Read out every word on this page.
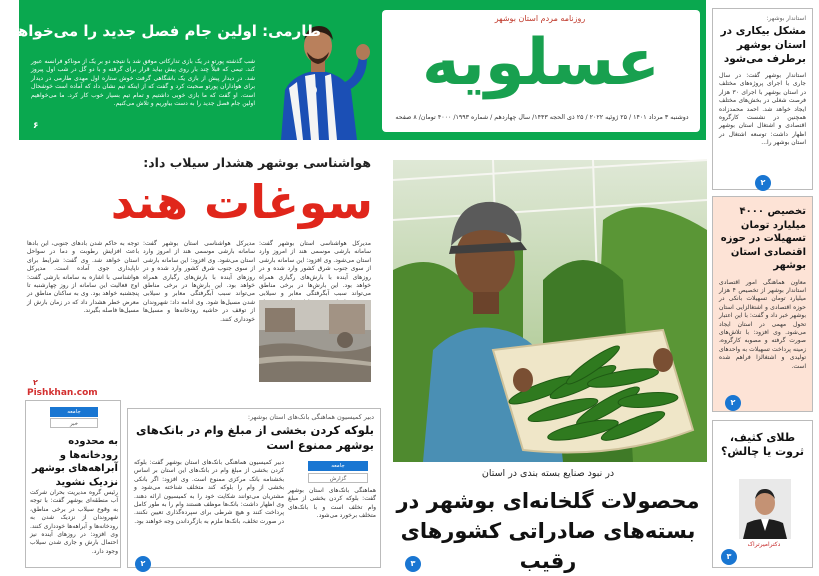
طارمی: اولین جام فصل جدید را می‌خواهیم
شب گذشته پورتو در یک بازی تدارکاتی موفق شد با نتیجه دو بر یک از موناکو فرانسه عبور کند. تیمی که قبلاً چند بار روی پیش بیاید قرار برای گرفته و با دو گل در شب اول پیروز شد. در دیدار پیش از بازی یک باشگاهی گرفت خوش ستاره اول مهدی طارمی در دیدار برای هواداران پورتو صحبت کرد و گفت که از اینکه تیم نشان داد که آماده است خوشحال است. او گفت که ما بازی خوبی داشتیم و تمام تیم بسیار خوب کار کرد. ما می‌خواهیم اولین جام فصل جدید را به دست بیاوریم و تلاش می‌کنیم.
۶
روزنامه مردم استان بوشهر
عسلویه
دوشنبه ۳ مرداد ۱۴۰۱ / ۲۵ ژوئیه ۲۰۲۲ / ۲۵ ذی الحجه ۱۴۴۳/ سال چهاردهم / شماره ۱۹۹۳/ ۴۰۰۰ تومان/ ۸ صفحه
استاندار بوشهر:
مشکل بیکاری در استان بوشهر برطرف می‌شود
استاندار بوشهر گفت: در سال جاری با اجرای پروژه‌های مختلف در استان بوشهر با اجرای ۳۰ هزار فرصت شغلی در بخش‌های مختلف ایجاد خواهد شد. احمد محمدزاده همچنین در نشست کارگروه اقتصادی و اشتغال استان بوشهر اظهار داشت: توسعه اشتغال در استان بوشهر را...
۲
تخصیص ۴۰۰۰ میلیارد تومان تسهیلات در حوزه اقتصادی استان بوشهر
معاون هماهنگی امور اقتصادی استاندار بوشهر از تخصیص ۴ هزار میلیارد تومان تسهیلات بانکی در حوزه اقتصادی و اشتغالزایی استان بوشهر خبر داد و گفت: با این اعتبار تحول مهمی در استان ایجاد می‌شود. وی افزود: با تلاش‌های صورت گرفته و مصوبه کارگروه، زمینه پرداخت تسهیلات به واحدهای تولیدی و اشتغالزا فراهم شده است.
۲
طلای کثیف، ثروت یا چالش؟
دکترامیرتراک
۳
هواشناسی بوشهر هشدار سیلاب داد:
سوغات هند
مدیرکل هواشناسی استان بوشهر گفت: سامانه بارشی موسمی هند از امروز وارد استان می‌شود. وی افزود: این سامانه بارشی از سوی جنوب شرق کشور وارد شده و در روزهای آینده با بارش‌های رگباری همراه خواهد بود. این بارش‌ها در برخی مناطق می‌تواند سبب آبگرفتگی معابر و سیلابی
مدیرکل هواشناسی استان بوشهر گفت: سامانه بارشی موسمی هند از امروز وارد استان می‌شود. وی افزود: این سامانه بارشی از سوی جنوب شرق کشور وارد شده و در روزهای آینده با بارش‌های رگباری همراه خواهد بود. این بارش‌ها در برخی مناطق می‌تواند سبب آبگرفتگی معابر و سیلابی شدن مسیل‌ها شود. وی ادامه داد: شهروندان از توقف در حاشیه رودخانه‌ها و مسیل‌ها خودداری کنند.
توجه به حاکم شدن بادهای جنوبی، این بادها باعث افزایش رطوبت و دما در سواحل استان خواهد شد. وی گفت: شرایط برای ناپایداری جوی آماده است. مدیرکل هواشناسی با اشاره به سامانه بارشی گفت: اوج فعالیت این سامانه از روز چهارشنبه تا پنجشنبه خواهد بود. وی به ساکنان مناطق در معرض خطر هشدار داد که در زمان بارش از مسیل‌ها فاصله بگیرند.
۲
Pishkhan.com
در نبود صنایع بسته بندی در استان
محصولات گلخانه‌ای بوشهر در بسته‌های صادراتی کشورهای رقیب
۳
دبیر کمیسیون هماهنگی بانک‌های استان بوشهر:
بلوکه کردن بخشی از مبلغ وام در بانک‌های بوشهر ممنوع است
جامعه
گزارش
دبیر کمیسیون هماهنگی بانک‌های استان بوشهر گفت: بلوکه کردن بخشی از مبلغ وام در بانک‌های این استان بر اساس بخشنامه بانک مرکزی ممنوع است. وی افزود: اگر بانکی بخشی از وام را بلوکه کند متخلف شناخته می‌شود و مشتریان می‌توانند شکایت خود را به کمیسیون ارائه دهند. وی اظهار داشت: بانک‌ها موظف هستند وام را به طور کامل پرداخت کنند و هیچ شرطی برای سپرده‌گذاری تعیین نکنند. در صورت تخلف، بانک‌ها ملزم به بازگرداندن وجه خواهند بود.
هماهنگی بانک‌های استان بوشهر گفت: بلوکه کردن بخشی از مبلغ وام تخلف است و با بانک‌های متخلف برخورد می‌شود.
جامعه
خبر
به محدوده رودخانه‌ها و آبراهه‌های بوشهر نزدیک نشوید
رئیس گروه مدیریت بحران شرکت آب منطقه‌ای بوشهر گفت: با توجه به وقوع سیلاب در برخی مناطق، شهروندان از نزدیک شدن به رودخانه‌ها و آبراهه‌ها خودداری کنند. وی افزود: در روزهای آینده نیز احتمال بارش و جاری شدن سیلاب وجود دارد.
۲
